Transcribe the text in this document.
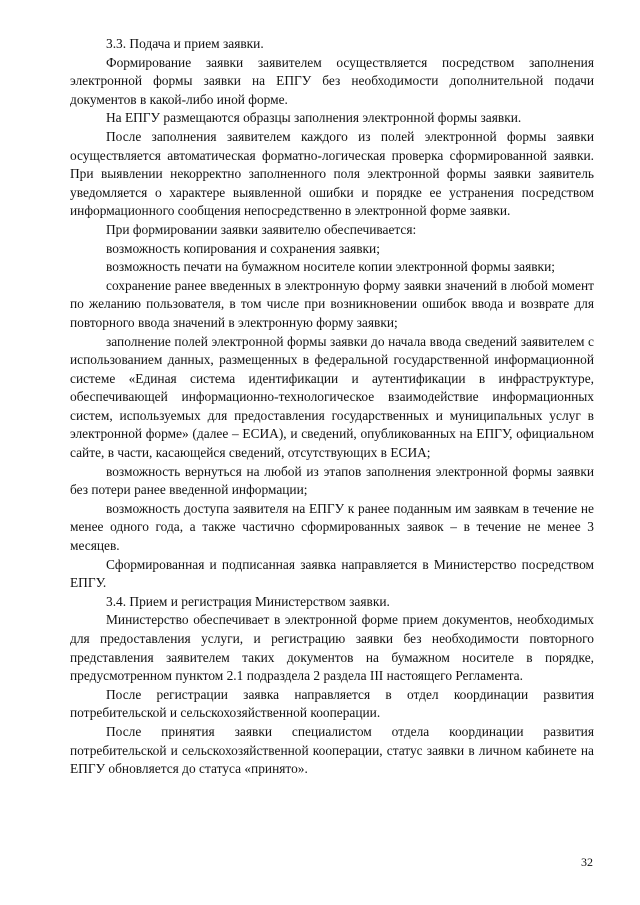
3.3. Подача и прием заявки.

Формирование заявки заявителем осуществляется посредством заполнения электронной формы заявки на ЕПГУ без необходимости дополнительной подачи документов в какой-либо иной форме.

На ЕПГУ размещаются образцы заполнения электронной формы заявки.

После заполнения заявителем каждого из полей электронной формы заявки осуществляется автоматическая форматно-логическая проверка сформированной заявки. При выявлении некорректно заполненного поля электронной формы заявки заявитель уведомляется о характере выявленной ошибки и порядке ее устранения посредством информационного сообщения непосредственно в электронной форме заявки.

При формировании заявки заявителю обеспечивается:

возможность копирования и сохранения заявки;

возможность печати на бумажном носителе копии электронной формы заявки;

сохранение ранее введенных в электронную форму заявки значений в любой момент по желанию пользователя, в том числе при возникновении ошибок ввода и возврате для повторного ввода значений в электронную форму заявки;

заполнение полей электронной формы заявки до начала ввода сведений заявителем с использованием данных, размещенных в федеральной государственной информационной системе «Единая система идентификации и аутентификации в инфраструктуре, обеспечивающей информационно-технологическое взаимодействие информационных систем, используемых для предоставления государственных и муниципальных услуг в электронной форме» (далее – ЕСИА), и сведений, опубликованных на ЕПГУ, официальном сайте, в части, касающейся сведений, отсутствующих в ЕСИА;

возможность вернуться на любой из этапов заполнения электронной формы заявки без потери ранее введенной информации;

возможность доступа заявителя на ЕПГУ к ранее поданным им заявкам в течение не менее одного года, а также частично сформированных заявок – в течение не менее 3 месяцев.

Сформированная и подписанная заявка направляется в Министерство посредством ЕПГУ.

3.4. Прием и регистрация Министерством заявки.

Министерство обеспечивает в электронной форме прием документов, необходимых для предоставления услуги, и регистрацию заявки без необходимости повторного представления заявителем таких документов на бумажном носителе в порядке, предусмотренном пунктом 2.1 подраздела 2 раздела III настоящего Регламента.

После регистрации заявка направляется в отдел координации развития потребительской и сельскохозяйственной кооперации.

После принятия заявки специалистом отдела координации развития потребительской и сельскохозяйственной кооперации, статус заявки в личном кабинете на ЕПГУ обновляется до статуса «принято».

32
